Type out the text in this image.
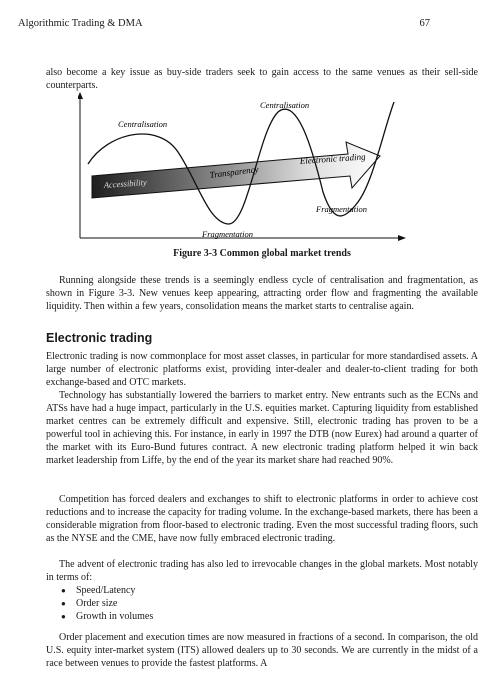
Algorithmic Trading & DMA	67

also become a key issue as buy-side traders seek to gain access to the same venues as their sell-side counterparts.

Centralisation
Centralisation
Transparency
Electronic trading
Accessibility
Fragmentation
Fragmentation
Figure 3-3 Common global market trends

Running alongside these trends is a seemingly endless cycle of centralisation and fragmentation, as shown in Figure 3-3. New venues keep appearing, attracting order flow and fragmenting the available liquidity. Then within a few years, consolidation means the market starts to centralise again.

Electronic trading

Electronic trading is now commonplace for most asset classes, in particular for more standardised assets. A large number of electronic platforms exist, providing inter-dealer and dealer-to-client trading for both exchange-based and OTC markets.

Technology has substantially lowered the barriers to market entry. New entrants such as the ECNs and ATSs have had a huge impact, particularly in the U.S. equities market. Capturing liquidity from established market centres can be extremely difficult and expensive. Still, electronic trading has proven to be a powerful tool in achieving this. For instance, in early in 1997 the DTB (now Eurex) had around a quarter of the market with its Euro-Bund futures contract. A new electronic trading platform helped it win back market leadership from Liffe, by the end of the year its market share had reached 90%.

Competition has forced dealers and exchanges to shift to electronic platforms in order to achieve cost reductions and to increase the capacity for trading volume. In the exchange-based markets, there has been a considerable migration from floor-based to electronic trading. Even the most successful trading floors, such as the NYSE and the CME, have now fully embraced electronic trading.

The advent of electronic trading has also led to irrevocable changes in the global markets. Most notably in terms of:

●	Speed/Latency
●	Order size
●	Growth in volumes

Order placement and execution times are now measured in fractions of a second. In comparison, the old U.S. equity inter-market system (ITS) allowed dealers up to 30 seconds. We are currently in the midst of a race between venues to provide the fastest platforms. A
